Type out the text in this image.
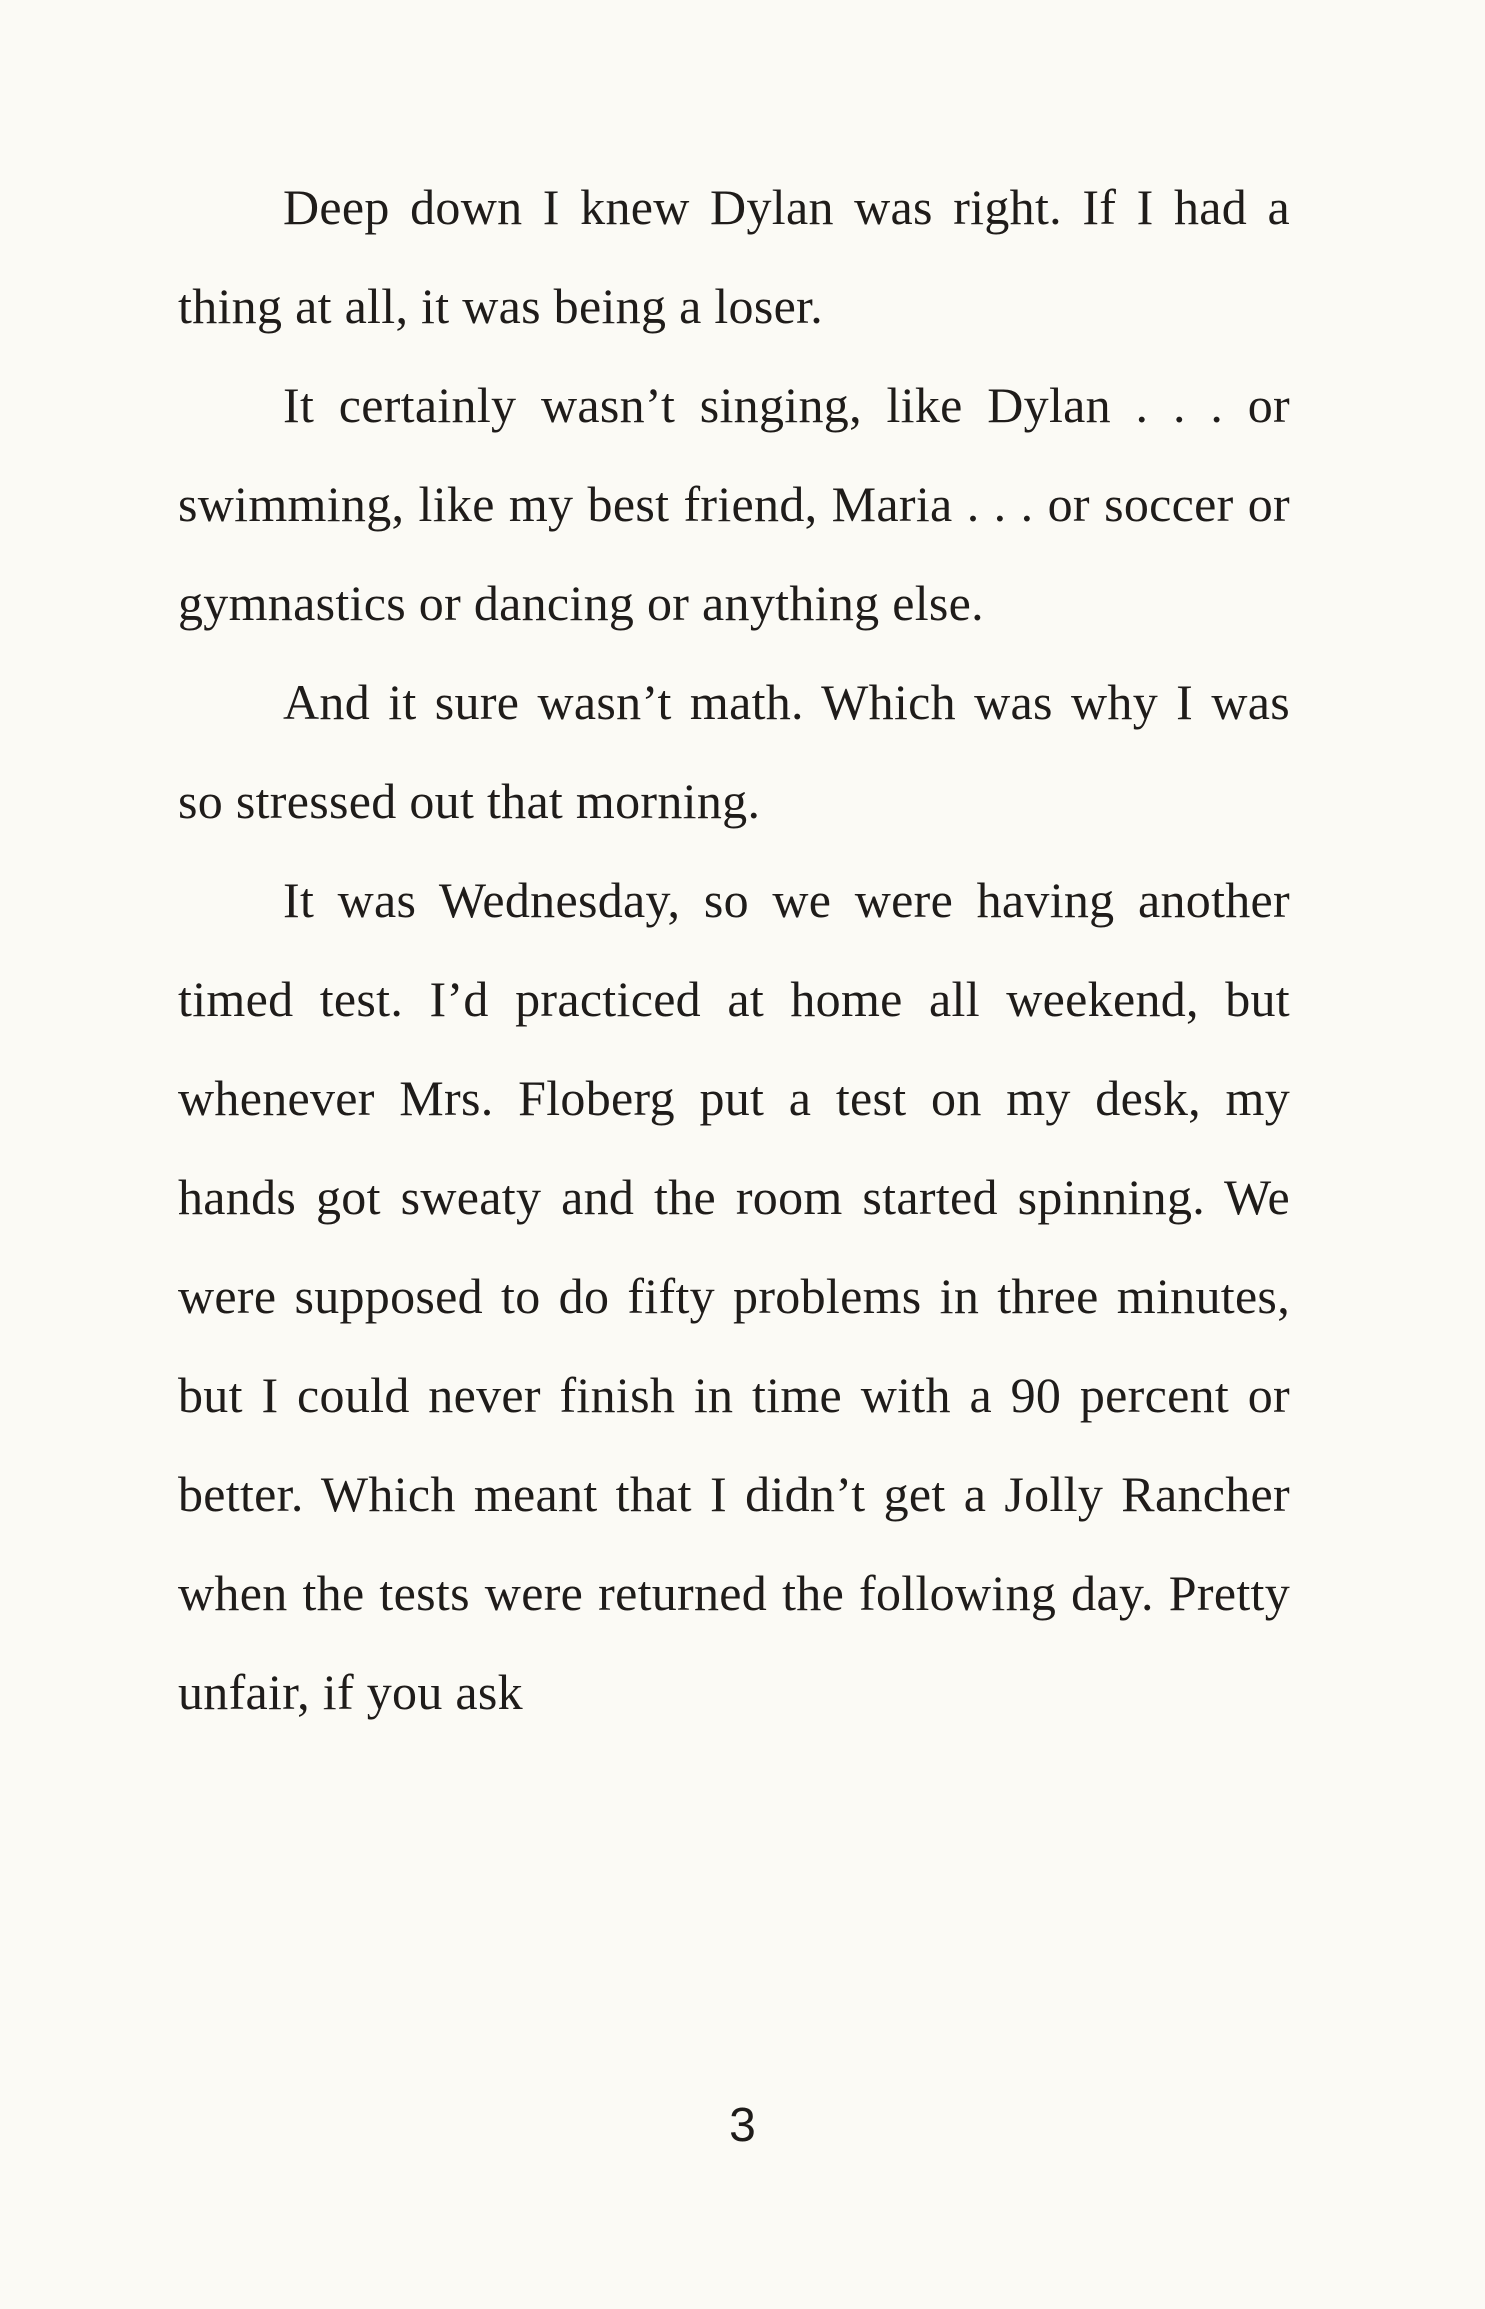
Deep down I knew Dylan was right. If I had a thing at all, it was being a loser.

It certainly wasn’t singing, like Dylan . . . or swimming, like my best friend, Maria . . . or soccer or gymnastics or dancing or anything else.

And it sure wasn’t math. Which was why I was so stressed out that morning.

It was Wednesday, so we were having another timed test. I’d practiced at home all weekend, but whenever Mrs. Floberg put a test on my desk, my hands got sweaty and the room started spinning. We were supposed to do fifty problems in three minutes, but I could never finish in time with a 90 percent or better. Which meant that I didn’t get a Jolly Rancher when the tests were returned the following day. Pretty unfair, if you ask

3
